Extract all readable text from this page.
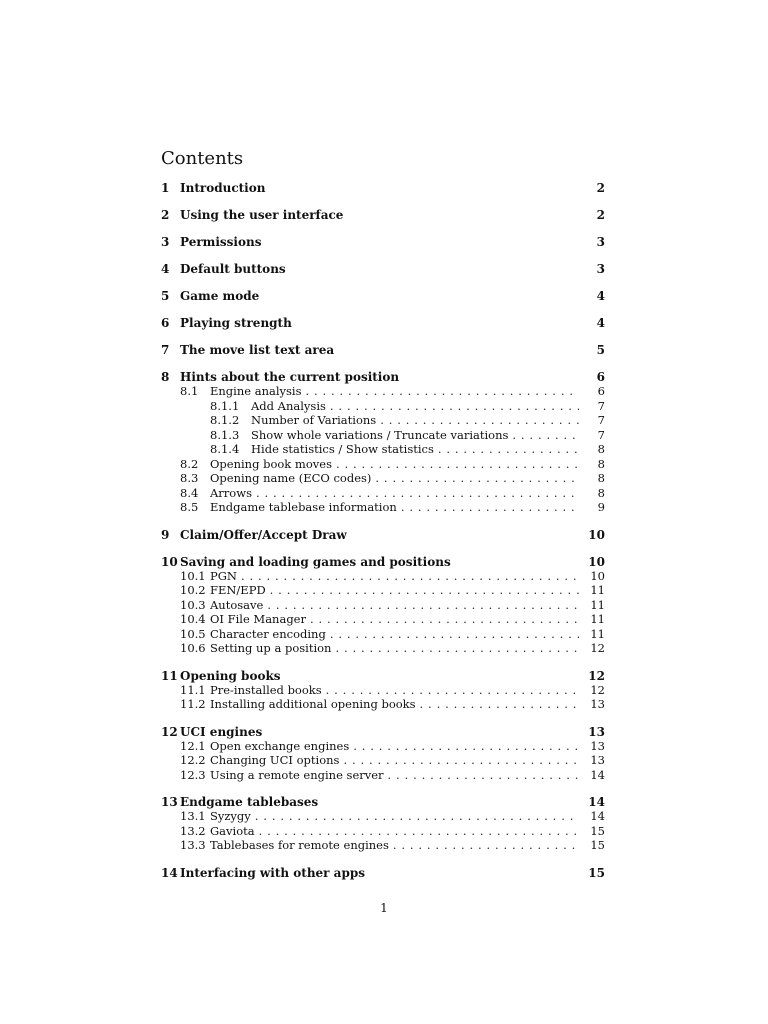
Contents
1 Introduction	2
2 Using the user interface	2
3 Permissions	3
4 Default buttons	3
5 Game mode	4
6 Playing strength	4
7 The move list text area	5
8 Hints about the current position	6
8.1	Engine analysis . . .	6
8.1.1	Add Analysis . . .	7
8.1.2	Number of Variations . . .	7
8.1.3	Show whole variations / Truncate variations . . .	7
8.1.4	Hide statistics / Show statistics . . .	8
8.2	Opening book moves . . .	8
8.3	Opening name (ECO codes) . . .	8
8.4	Arrows . . .	8
8.5	Endgame tablebase information . . .	9
9 Claim/Offer/Accept Draw	10
10 Saving and loading games and positions	10
10.1 PGN . . .	10
10.2 FEN/EPD . . .	11
10.3 Autosave . . .	11
10.4 OI File Manager . . .	11
10.5 Character encoding . . .	11
10.6 Setting up a position . . .	12
11 Opening books	12
11.1 Pre-installed books . . .	12
11.2 Installing additional opening books . . .	13
12 UCI engines	13
12.1 Open exchange engines . . .	13
12.2 Changing UCI options . . .	13
12.3 Using a remote engine server . . .	14
13 Endgame tablebases	14
13.1 Syzygy . . .	14
13.2 Gaviota . . .	15
13.3 Tablebases for remote engines . . .	15
14 Interfacing with other apps	15
1
